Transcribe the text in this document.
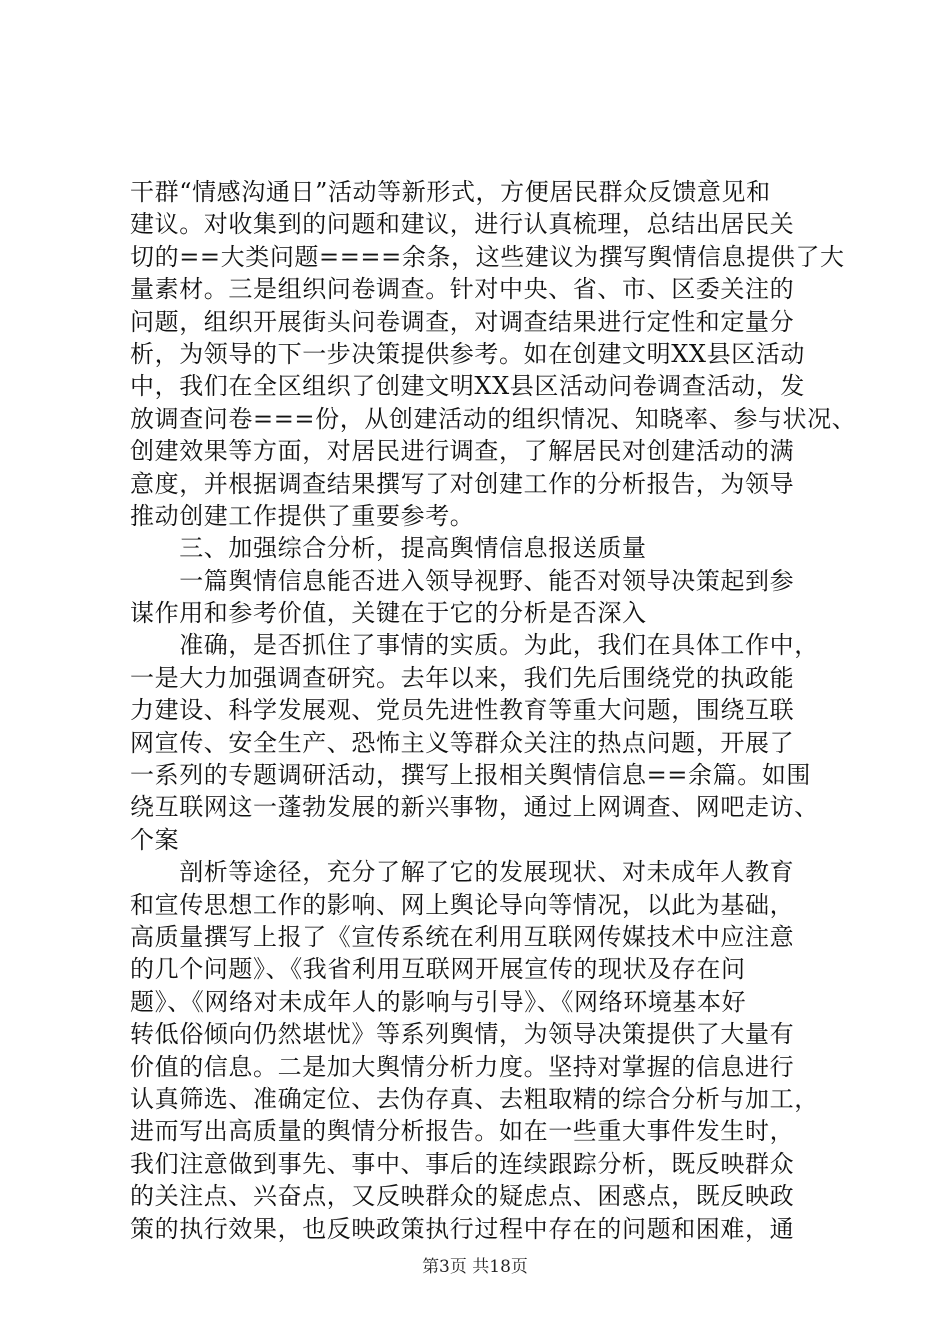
干群“情感沟通日”活动等新形式，方便居民群众反馈意见和
建议。对收集到的问题和建议，进行认真梳理，总结出居民关
切的==大类问题====余条，这些建议为撰写舆情信息提供了大
量素材。三是组织问卷调查。针对中央、省、市、区委关注的
问题，组织开展街头问卷调查，对调查结果进行定性和定量分
析，为领导的下一步决策提供参考。如在创建文明XX县区活动
中，我们在全区组织了创建文明XX县区活动问卷调查活动，发
放调查问卷===份，从创建活动的组织情况、知晓率、参与状况、
创建效果等方面，对居民进行调查，了解居民对创建活动的满
意度，并根据调查结果撰写了对创建工作的分析报告，为领导
推动创建工作提供了重要参考。
　　三、加强综合分析，提高舆情信息报送质量
　　一篇舆情信息能否进入领导视野、能否对领导决策起到参
谋作用和参考价值，关键在于它的分析是否深入
　　准确，是否抓住了事情的实质。为此，我们在具体工作中，
一是大力加强调查研究。去年以来，我们先后围绕党的执政能
力建设、科学发展观、党员先进性教育等重大问题，围绕互联
网宣传、安全生产、恐怖主义等群众关注的热点问题，开展了
一系列的专题调研活动，撰写上报相关舆情信息==余篇。如围
绕互联网这一蓬勃发展的新兴事物，通过上网调查、网吧走访、
个案
　　剖析等途径，充分了解了它的发展现状、对未成年人教育
和宣传思想工作的影响、网上舆论导向等情况，以此为基础，
高质量撰写上报了《宣传系统在利用互联网传媒技术中应注意
的几个问题》、《我省利用互联网开展宣传的现状及存在问
题》、《网络对未成年人的影响与引导》、《网络环境基本好
转低俗倾向仍然堪忧》等系列舆情，为领导决策提供了大量有
价值的信息。二是加大舆情分析力度。坚持对掌握的信息进行
认真筛选、准确定位、去伪存真、去粗取精的综合分析与加工，
进而写出高质量的舆情分析报告。如在一些重大事件发生时，
我们注意做到事先、事中、事后的连续跟踪分析，既反映群众
的关注点、兴奋点，又反映群众的疑虑点、困惑点，既反映政
策的执行效果，也反映政策执行过程中存在的问题和困难，通
第3页 共18页
